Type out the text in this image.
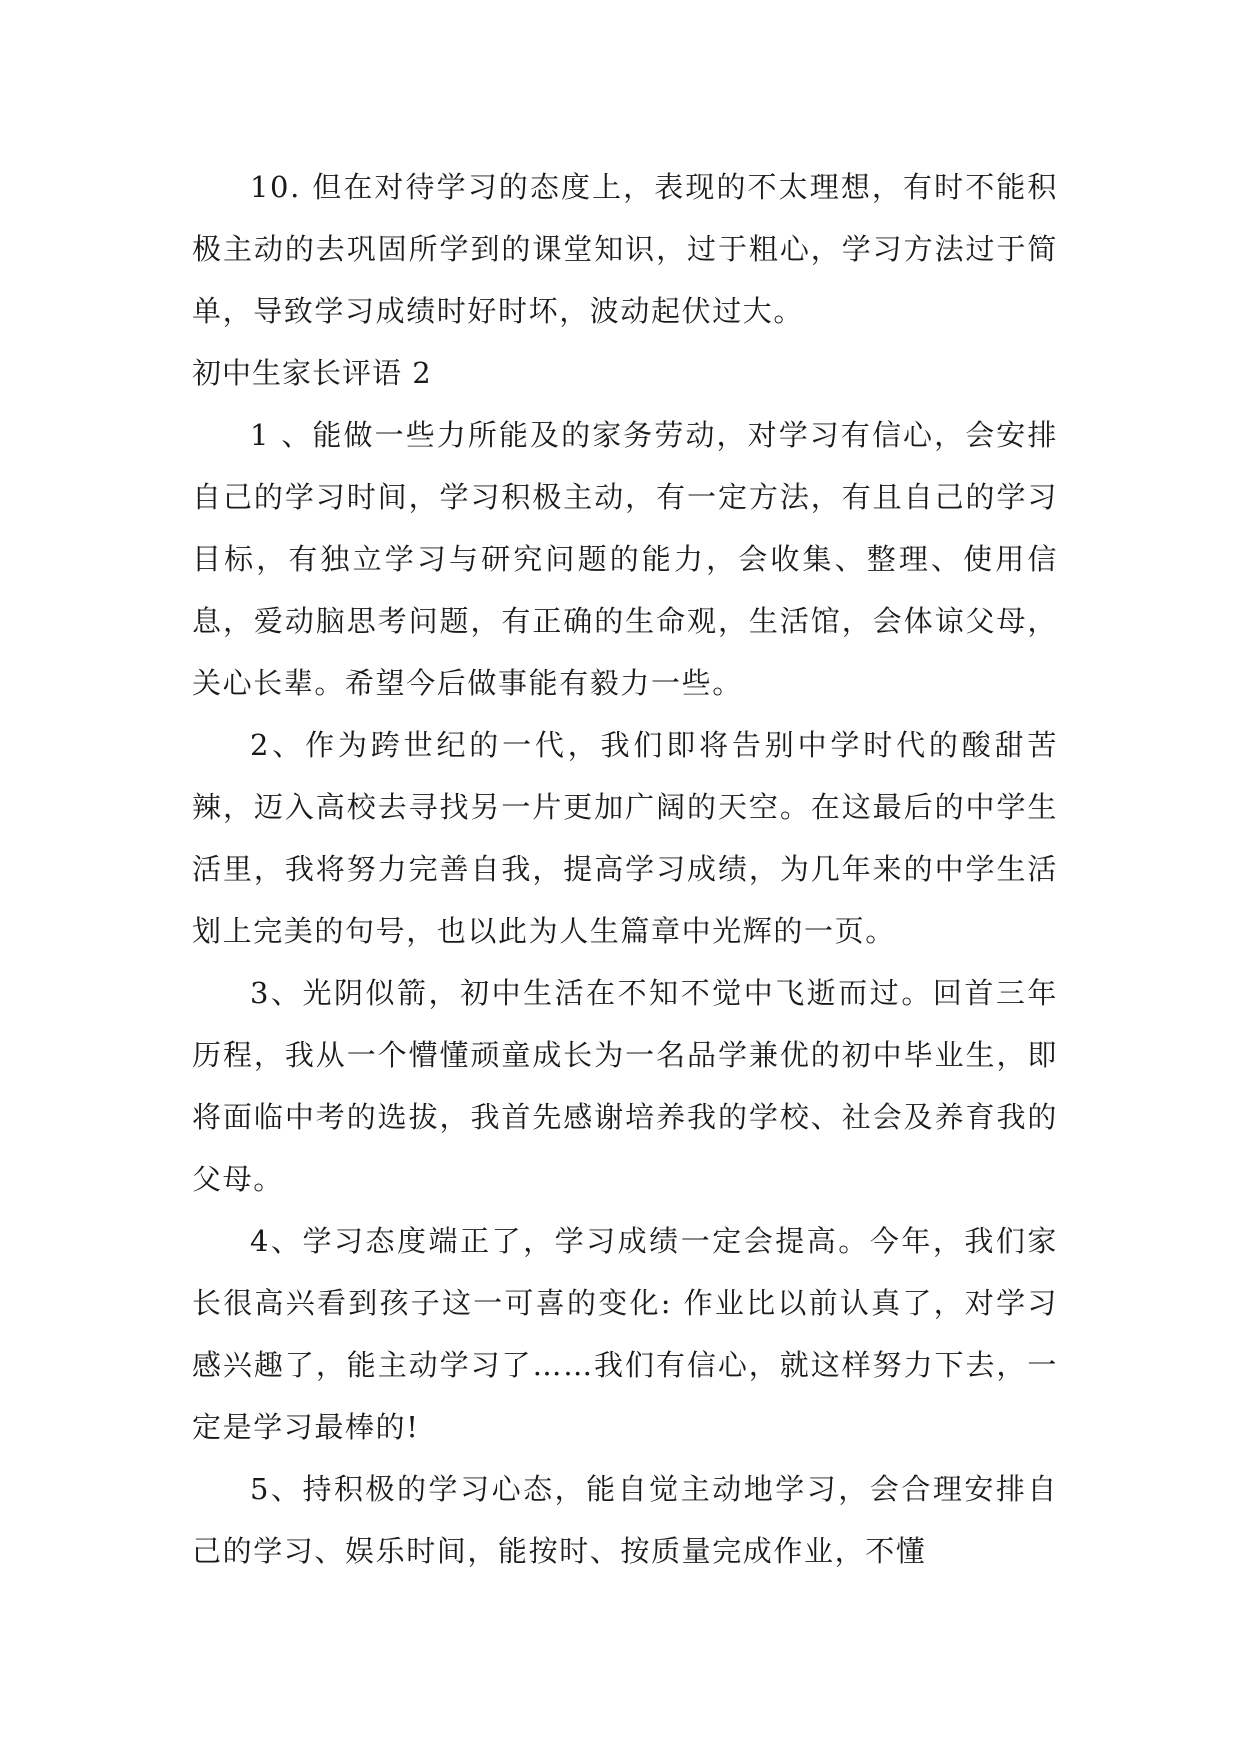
10. 但在对待学习的态度上，表现的不太理想，有时不能积极主动的去巩固所学到的课堂知识，过于粗心，学习方法过于简单，导致学习成绩时好时坏，波动起伏过大。

初中生家长评语 2

1 、能做一些力所能及的家务劳动，对学习有信心，会安排自己的学习时间，学习积极主动，有一定方法，有且自己的学习目标，有独立学习与研究问题的能力，会收集、整理、使用信息，爱动脑思考问题，有正确的生命观，生活馆，会体谅父母，关心长辈。希望今后做事能有毅力一些。

2、作为跨世纪的一代，我们即将告别中学时代的酸甜苦辣，迈入高校去寻找另一片更加广阔的天空。在这最后的中学生活里，我将努力完善自我，提高学习成绩，为几年来的中学生活划上完美的句号，也以此为人生篇章中光辉的一页。

3、光阴似箭，初中生活在不知不觉中飞逝而过。回首三年历程，我从一个懵懂顽童成长为一名品学兼优的初中毕业生，即将面临中考的选拔，我首先感谢培养我的学校、社会及养育我的父母。

4、学习态度端正了，学习成绩一定会提高。今年，我们家长很高兴看到孩子这一可喜的变化: 作业比以前认真了，对学习感兴趣了，能主动学习了……我们有信心，就这样努力下去，一定是学习最棒的!

5、持积极的学习心态，能自觉主动地学习，会合理安排自己的学习、娱乐时间，能按时、按质量完成作业，不懂
